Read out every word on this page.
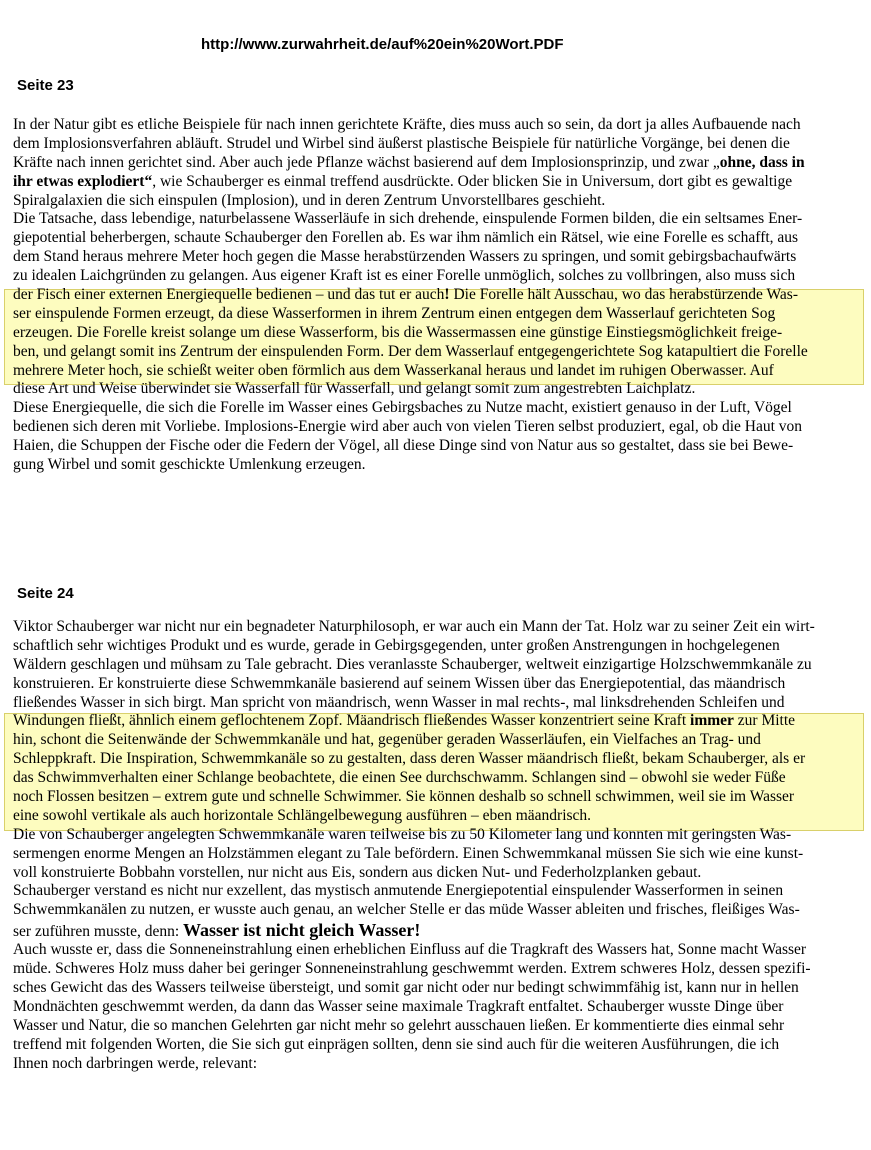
http://www.zurwahrheit.de/auf%20ein%20Wort.PDF
Seite 23
In der Natur gibt es etliche Beispiele für nach innen gerichtete Kräfte, dies muss auch so sein, da dort ja alles Aufbauende nach
dem Implosionsverfahren abläuft. Strudel und Wirbel sind äußerst plastische Beispiele für natürliche Vorgänge, bei denen die
Kräfte nach innen gerichtet sind. Aber auch jede Pflanze wächst basierend auf dem Implosionsprinzip, und zwar „ohne, dass in
ihr etwas explodiert“, wie Schauberger es einmal treffend ausdrückte. Oder blicken Sie in Universum, dort gibt es gewaltige
Spiralgalaxien die sich einspulen (Implosion), und in deren Zentrum Unvorstellbares geschieht.
Die Tatsache, dass lebendige, naturbelassene Wasserläufe in sich drehende, einspulende Formen bilden, die ein seltsames Ener-
giepotential beherbergen, schaute Schauberger den Forellen ab. Es war ihm nämlich ein Rätsel, wie eine Forelle es schafft, aus
dem Stand heraus mehrere Meter hoch gegen die Masse herabstürzenden Wassers zu springen, und somit gebirgsbachaufwärts
zu idealen Laichgründen zu gelangen. Aus eigener Kraft ist es einer Forelle unmöglich, solches zu vollbringen, also muss sich
der Fisch einer externen Energiequelle bedienen – und das tut er auch! Die Forelle hält Ausschau, wo das herabstürzende Was-
ser einspulende Formen erzeugt, da diese Wasserformen in ihrem Zentrum einen entgegen dem Wasserlauf gerichteten Sog
erzeugen. Die Forelle kreist solange um diese Wasserform, bis die Wassermassen eine günstige Einstiegsmöglichkeit freige-
ben, und gelangt somit ins Zentrum der einspulenden Form. Der dem Wasserlauf entgegengerichtete Sog katapultiert die Forelle
mehrere Meter hoch, sie schießt weiter oben förmlich aus dem Wasserkanal heraus und landet im ruhigen Oberwasser. Auf
diese Art und Weise überwindet sie Wasserfall für Wasserfall, und gelangt somit zum angestrebten Laichplatz.
Diese Energiequelle, die sich die Forelle im Wasser eines Gebirgsbaches zu Nutze macht, existiert genauso in der Luft, Vögel
bedienen sich deren mit Vorliebe. Implosions-Energie wird aber auch von vielen Tieren selbst produziert, egal, ob die Haut von
Haien, die Schuppen der Fische oder die Federn der Vögel, all diese Dinge sind von Natur aus so gestaltet, dass sie bei Bewe-
gung Wirbel und somit geschickte Umlenkung erzeugen.
Seite 24
Viktor Schauberger war nicht nur ein begnadeter Naturphilosoph, er war auch ein Mann der Tat. Holz war zu seiner Zeit ein wirt-
schaftlich sehr wichtiges Produkt und es wurde, gerade in Gebirgsgegenden, unter großen Anstrengungen in hochgelegenen
Wäldern geschlagen und mühsam zu Tale gebracht. Dies veranlasste Schauberger, weltweit einzigartige Holzschwemmkanäle zu
konstruieren. Er konstruierte diese Schwemmkanäle basierend auf seinem Wissen über das Energiepotential, das mäandrisch
fließendes Wasser in sich birgt. Man spricht von mäandrisch, wenn Wasser in mal rechts-, mal linksdrehenden Schleifen und
Windungen fließt, ähnlich einem geflochtenem Zopf. Mäandrisch fließendes Wasser konzentriert seine Kraft immer zur Mitte
hin, schont die Seitenwände der Schwemmkanäle und hat, gegenüber geraden Wasserläufen, ein Vielfaches an Trag- und
Schleppkraft. Die Inspiration, Schwemmkanäle so zu gestalten, dass deren Wasser mäandrisch fließt, bekam Schauberger, als er
das Schwimmverhalten einer Schlange beobachtete, die einen See durchschwamm. Schlangen sind – obwohl sie weder Füße
noch Flossen besitzen – extrem gute und schnelle Schwimmer. Sie können deshalb so schnell schwimmen, weil sie im Wasser
eine sowohl vertikale als auch horizontale Schlängelbewegung ausführen – eben mäandrisch.
Die von Schauberger angelegten Schwemmkanäle waren teilweise bis zu 50 Kilometer lang und konnten mit geringsten Was-
sermengen enorme Mengen an Holzstämmen elegant zu Tale befördern. Einen Schwemmkanal müssen Sie sich wie eine kunst-
voll konstruierte Bobbahn vorstellen, nur nicht aus Eis, sondern aus dicken Nut- und Federholzplanken gebaut.
Schauberger verstand es nicht nur exzellent, das mystisch anmutende Energiepotential einspulender Wasserformen in seinen
Schwemmkanälen zu nutzen, er wusste auch genau, an welcher Stelle er das müde Wasser ableiten und frisches, fleißiges Was-
ser zuführen musste, denn: Wasser ist nicht gleich Wasser!
Auch wusste er, dass die Sonneneinstrahlung einen erheblichen Einfluss auf die Tragkraft des Wassers hat, Sonne macht Wasser
müde. Schweres Holz muss daher bei geringer Sonneneinstrahlung geschwemmt werden. Extrem schweres Holz, dessen spezifi-
sches Gewicht das des Wassers teilweise übersteigt, und somit gar nicht oder nur bedingt schwimmfähig ist, kann nur in hellen
Mondnächten geschwemmt werden, da dann das Wasser seine maximale Tragkraft entfaltet. Schauberger wusste Dinge über
Wasser und Natur, die so manchen Gelehrten gar nicht mehr so gelehrt ausschauen ließen. Er kommentierte dies einmal sehr
treffend mit folgenden Worten, die Sie sich gut einprägen sollten, denn sie sind auch für die weiteren Ausführungen, die ich
Ihnen noch darbringen werde, relevant:
